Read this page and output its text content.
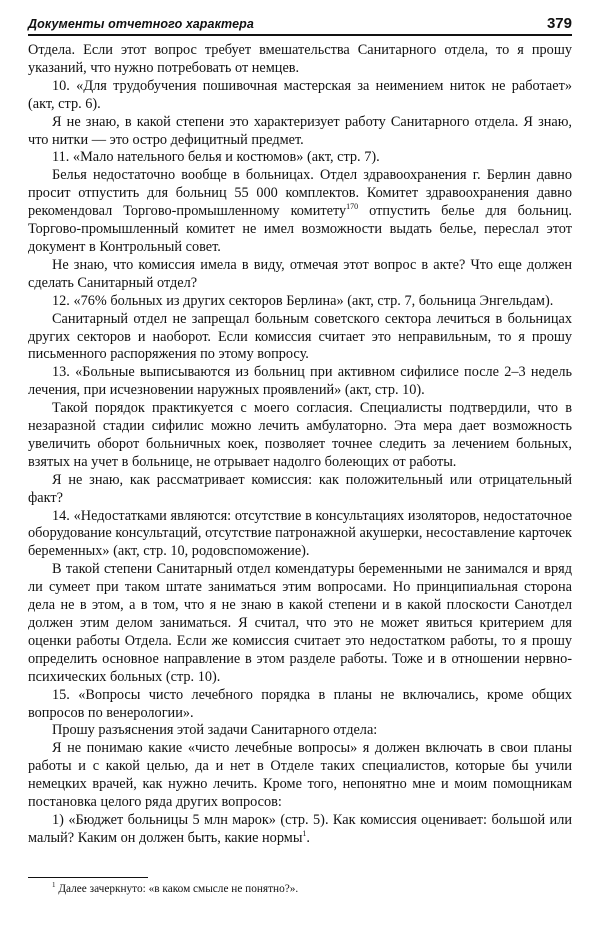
Документы отчетного характера	379

Отдела. Если этот вопрос требует вмешательства Санитарного отдела, то я прошу указаний, что нужно потребовать от немцев.

10. «Для трудобучения пошивочная мастерская за неимением ниток не работает» (акт, стр. 6).

Я не знаю, в какой степени это характеризует работу Санитарного отдела. Я знаю, что нитки — это остро дефицитный предмет.

11. «Мало нательного белья и костюмов» (акт, стр. 7).

Белья недостаточно вообще в больницах. Отдел здравоохранения г. Берлин давно просит отпустить для больниц 55 000 комплектов. Комитет здравоохранения давно рекомендовал Торгово-промышленному комитету$^{170}$ отпустить белье для больниц. Торгово-промышленный комитет не имел возможности выдать белье, переслал этот документ в Контрольный совет.

Не знаю, что комиссия имела в виду, отмечая этот вопрос в акте? Что еще должен сделать Санитарный отдел?

12. «76% больных из других секторов Берлина» (акт, стр. 7, больница Энгельдам).

Санитарный отдел не запрещал больным советского сектора лечиться в больницах других секторов и наоборот. Если комиссия считает это неправильным, то я прошу письменного распоряжения по этому вопросу.

13. «Больные выписываются из больниц при активном сифилисе после 2–3 недель лечения, при исчезновении наружных проявлений» (акт, стр. 10).

Такой порядок практикуется с моего согласия. Специалисты подтвердили, что в незаразной стадии сифилис можно лечить амбулаторно. Эта мера дает возможность увеличить оборот больничных коек, позволяет точнее следить за лечением больных, взятых на учет в больнице, не отрывает надолго болеющих от работы.

Я не знаю, как рассматривает комиссия: как положительный или отрицательный факт?

14. «Недостатками являются: отсутствие в консультациях изоляторов, недостаточное оборудование консультаций, отсутствие патронажной акушерки, несоставление карточек беременных» (акт, стр. 10, родовспоможение).

В такой степени Санитарный отдел комендатуры беременными не занимался и вряд ли сумеет при таком штате заниматься этим вопросами. Но принципиальная сторона дела не в этом, а в том, что я не знаю в какой степени и в какой плоскости Санотдел должен этим делом заниматься. Я считал, что это не может явиться критерием для оценки работы Отдела. Если же комиссия считает это недостатком работы, то я прошу определить основное направление в этом разделе работы. Тоже и в отношении нервно-психических больных (стр. 10).

15. «Вопросы чисто лечебного порядка в планы не включались, кроме общих вопросов по венерологии».

Прошу разъяснения этой задачи Санитарного отдела:

Я не понимаю какие «чисто лечебные вопросы» я должен включать в свои планы работы и с какой целью, да и нет в Отделе таких специалистов, которые бы учили немецких врачей, как нужно лечить. Кроме того, непонятно мне и моим помощникам постановка целого ряда других вопросов:

1) «Бюджет больницы 5 млн марок» (стр. 5). Как комиссия оценивает: большой или малый? Каким он должен быть, какие нормы$^1$.

$^1$ Далее зачеркнуто: «в каком смысле не понятно?».
